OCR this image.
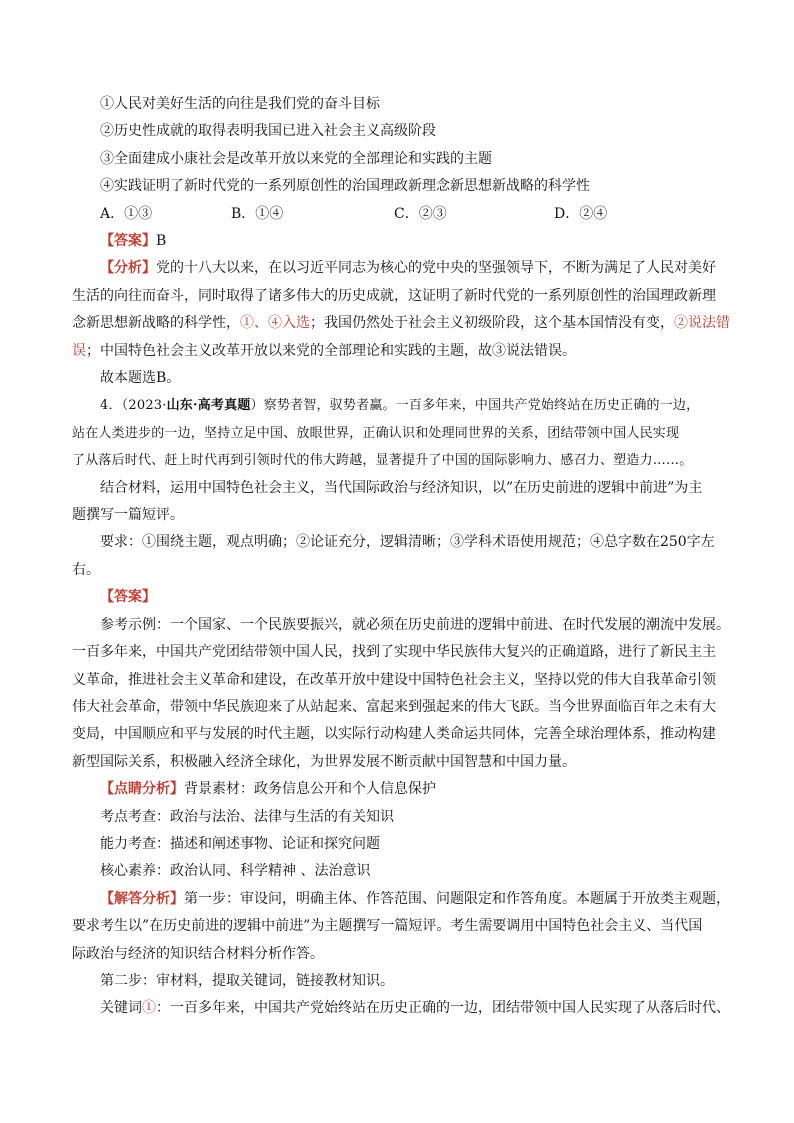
①人民对美好生活的向往是我们党的奋斗目标
②历史性成就的取得表明我国已进入社会主义高级阶段
③全面建成小康社会是改革开放以来党的全部理论和实践的主题
④实践证明了新时代党的一系列原创性的治国理政新理念新思想新战略的科学性
A．①③	B．①④	C．②③	D．②④
【答案】B
【分析】党的十八大以来，在以习近平同志为核心的党中央的坚强领导下，不断为满足了人民对美好
生活的向往而奋斗，同时取得了诸多伟大的历史成就，这证明了新时代党的一系列原创性的治国理政新理
念新思想新战略的科学性，①、④入选；我国仍然处于社会主义初级阶段，这个基本国情没有变，②说法错
误；中国特色社会主义改革开放以来党的全部理论和实践的主题，故③说法错误。
故本题选B。
4．（2023·山东·高考真题）察势者智，驭势者赢。一百多年来，中国共产党始终站在历史正确的一边，
站在人类进步的一边，坚持立足中国、放眼世界，正确认识和处理同世界的关系，团结带领中国人民实现
了从落后时代、赶上时代再到引领时代的伟大跨越，显著提升了中国的国际影响力、感召力、塑造力……。
结合材料，运用中国特色社会主义，当代国际政治与经济知识，以”在历史前进的逻辑中前进”为主
题撰写一篇短评。
要求：①围绕主题，观点明确；②论证充分，逻辑清晰；③学科术语使用规范；④总字数在250字左
右。
【答案】
参考示例：一个国家、一个民族要振兴，就必须在历史前进的逻辑中前进、在时代发展的潮流中发展。
一百多年来，中国共产党团结带领中国人民，找到了实现中华民族伟大复兴的正确道路，进行了新民主主
义革命，推进社会主义革命和建设，在改革开放中建设中国特色社会主义，坚持以党的伟大自我革命引领
伟大社会革命，带领中华民族迎来了从站起来、富起来到强起来的伟大飞跃。当今世界面临百年之未有大
变局，中国顺应和平与发展的时代主题，以实际行动构建人类命运共同体，完善全球治理体系，推动构建
新型国际关系，积极融入经济全球化，为世界发展不断贡献中国智慧和中国力量。
【点睛分析】背景素材：政务信息公开和个人信息保护
考点考查：政治与法治、法律与生活的有关知识
能力考查：描述和阐述事物、论证和探究问题
核心素养：政治认同、科学精神 、法治意识
【解答分析】第一步：审设问，明确主体、作答范围、问题限定和作答角度。本题属于开放类主观题，
要求考生以”在历史前进的逻辑中前进”为主题撰写一篇短评。考生需要调用中国特色社会主义、当代国
际政治与经济的知识结合材料分析作答。
第二步：审材料，提取关键词，链接教材知识。
关键词①：一百多年来，中国共产党始终站在历史正确的一边，团结带领中国人民实现了从落后时代、
